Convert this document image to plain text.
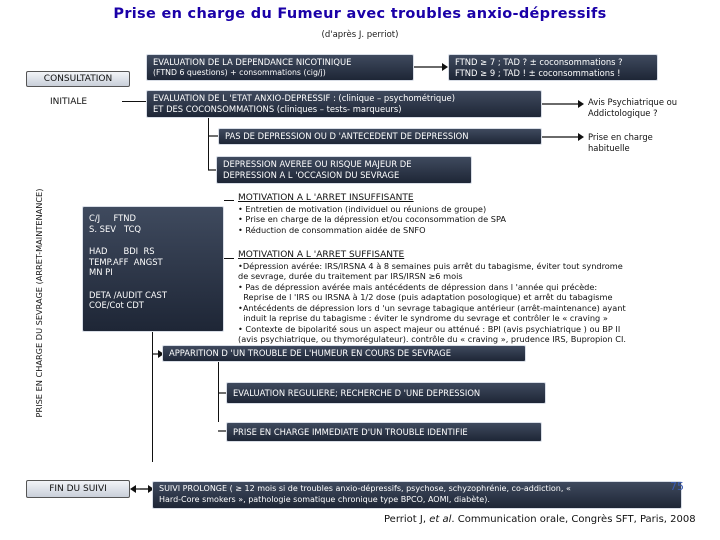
Prise en charge du Fumeur avec troubles anxio-dépressifs
(d'après J. perriot)
CONSULTATION
INITIALE
PRISE EN CHARGE DU SEVRAGE (ARRET-MAINTENANCE)
EVALUATION DE LA DEPENDANCE NICOTINIQUE
(FTND 6 questions) + consommations (cig/j)
FTND ≥ 7 ; TAD ? ± coconsommations ?
FTND ≥ 9 ; TAD ! ± coconsommations !
EVALUATION DE L 'ETAT ANXIO-DEPRESSIF : (clinique – psychométrique)
ET DES COCONSOMMATIONS (cliniques – tests- marqueurs)
Avis Psychiatrique ou
Addictologique ?
PAS DE DEPRESSION OU D 'ANTECEDENT DE DEPRESSION	Prise en charge
habituelle
DEPRESSION AVEREE OU RISQUE MAJEUR DE
DEPRESSION A L 'OCCASION DU SEVRAGE
C/J     FTND
S. SEV   TCQ
HAD      BDI  RS
TEMP.AFF  ANGST
MN PI
DETA /AUDIT CAST
COE/Cot CDT
MOTIVATION A L 'ARRET INSUFFISANTE
• Entretien de motivation (individuel ou réunions de groupe)
• Prise en charge de la dépression et/ou coconsommation de SPA
• Réduction de consommation aidée de SNFO
MOTIVATION A L 'ARRET SUFFISANTE
•Dépression avérée: IRS/IRSNA 4 à 8 semaines puis arrêt du tabagisme, éviter tout syndrome
de sevrage, durée du traitement par IRS/IRSN ≥6 mois
• Pas de dépression avérée mais antécédents de dépression dans l 'année qui précède:
Reprise de l 'IRS ou IRSNA à 1/2 dose (puis adaptation posologique) et arrêt du tabagisme
•Antécédents de dépression lors d 'un sevrage tabagique antérieur (arrêt-maintenance) ayant
induit la reprise du tabagisme : éviter le syndrome du sevrage et contrôler le « craving »
• Contexte de bipolarité sous un aspect majeur ou atténué : BPI (avis psychiatrique ) ou BP II
(avis psychiatrique, ou thymorégulateur). contrôle du « craving », prudence IRS, Bupropion CI.
APPARITION D 'UN TROUBLE DE L'HUMEUR EN COURS DE SEVRAGE
EVALUATION REGULIERE; RECHERCHE D 'UNE DEPRESSION
PRISE EN CHARGE IMMEDIATE D'UN TROUBLE IDENTIFIE
FIN DU SUIVI	SUIVI PROLONGE ( ≥ 12 mois si de troubles anxio-dépressifs, psychose, schyzophrénie, co-addiction, «
Hard-Core smokers », pathologie somatique chronique type BPCO, AOMI, diabète).
75
Perriot J, et al. Communication orale, Congrès SFT, Paris, 2008
